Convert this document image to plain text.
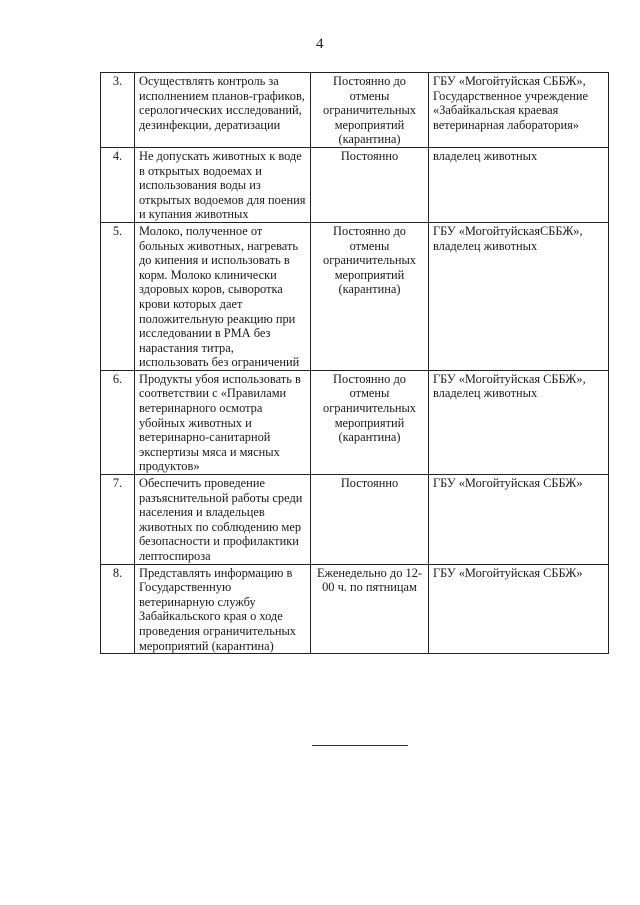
4
3.	Осуществлять контроль за исполнением планов-графиков, серологических исследований, дезинфекции, дератизации	Постоянно до отмены ограничительных мероприятий (карантина)	ГБУ «Могойтуйская СББЖ», Государственное учреждение «Забайкальская краевая ветеринарная лаборатория»
4.	Не допускать животных к воде в открытых водоемах и использования воды из открытых водоемов для поения и купания животных	Постоянно	владелец животных
5.	Молоко, полученное от больных животных, нагревать до кипения и использовать в корм. Молоко клинически здоровых коров, сыворотка крови которых дает положительную реакцию при исследовании в РМА без нарастания титра, использовать без ограничений	Постоянно до отмены ограничительных мероприятий (карантина)	ГБУ «МогойтуйскаяСББЖ», владелец животных
6.	Продукты убоя использовать в соответствии с «Правилами ветеринарного осмотра убойных животных и ветеринарно-санитарной экспертизы мяса и мясных продуктов»	Постоянно до отмены ограничительных мероприятий (карантина)	ГБУ «Могойтуйская СББЖ», владелец животных
7.	Обеспечить проведение разъяснительной работы среди населения и владельцев животных по соблюдению мер безопасности и профилактики лептоспироза	Постоянно	ГБУ «Могойтуйская СББЖ»
8.	Представлять информацию в Государственную ветеринарную службу Забайкальского края о ходе проведения ограничительных мероприятий (карантина)	Еженедельно до 12-00 ч. по пятницам	ГБУ «Могойтуйская СББЖ»
